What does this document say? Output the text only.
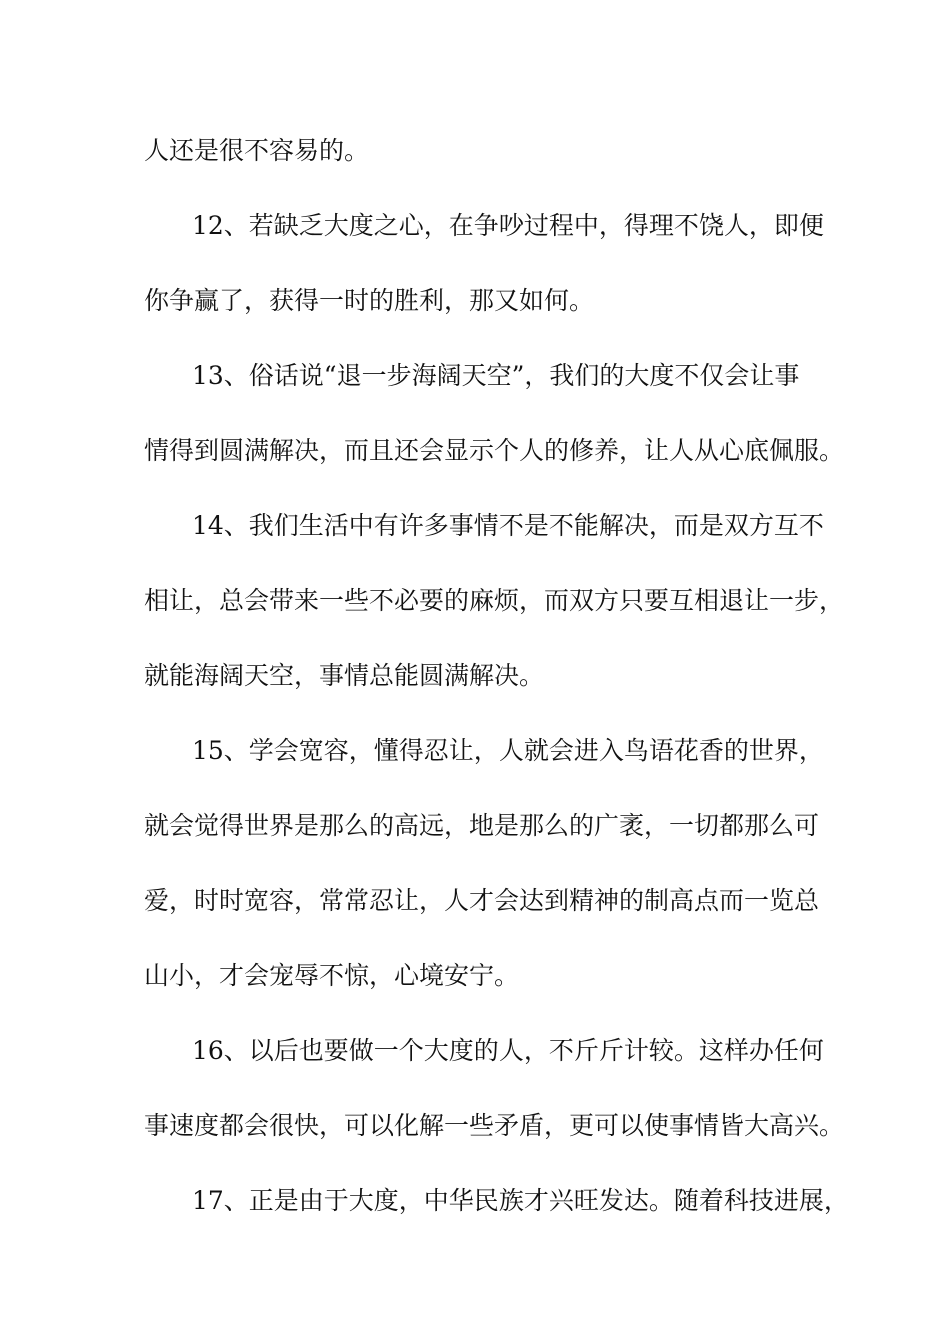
人还是很不容易的。

12、若缺乏大度之心，在争吵过程中，得理不饶人，即便

你争赢了，获得一时的胜利，那又如何。

13、俗话说“退一步海阔天空”，我们的大度不仅会让事

情得到圆满解决，而且还会显示个人的修养，让人从心底佩服。

14、我们生活中有许多事情不是不能解决，而是双方互不

相让，总会带来一些不必要的麻烦，而双方只要互相退让一步，

就能海阔天空，事情总能圆满解决。

15、学会宽容，懂得忍让，人就会进入鸟语花香的世界，

就会觉得世界是那么的高远，地是那么的广袤，一切都那么可

爱，时时宽容，常常忍让，人才会达到精神的制高点而一览总

山小，才会宠辱不惊，心境安宁。

16、以后也要做一个大度的人，不斤斤计较。这样办任何

事速度都会很快，可以化解一些矛盾，更可以使事情皆大高兴。

17、正是由于大度，中华民族才兴旺发达。随着科技进展，
